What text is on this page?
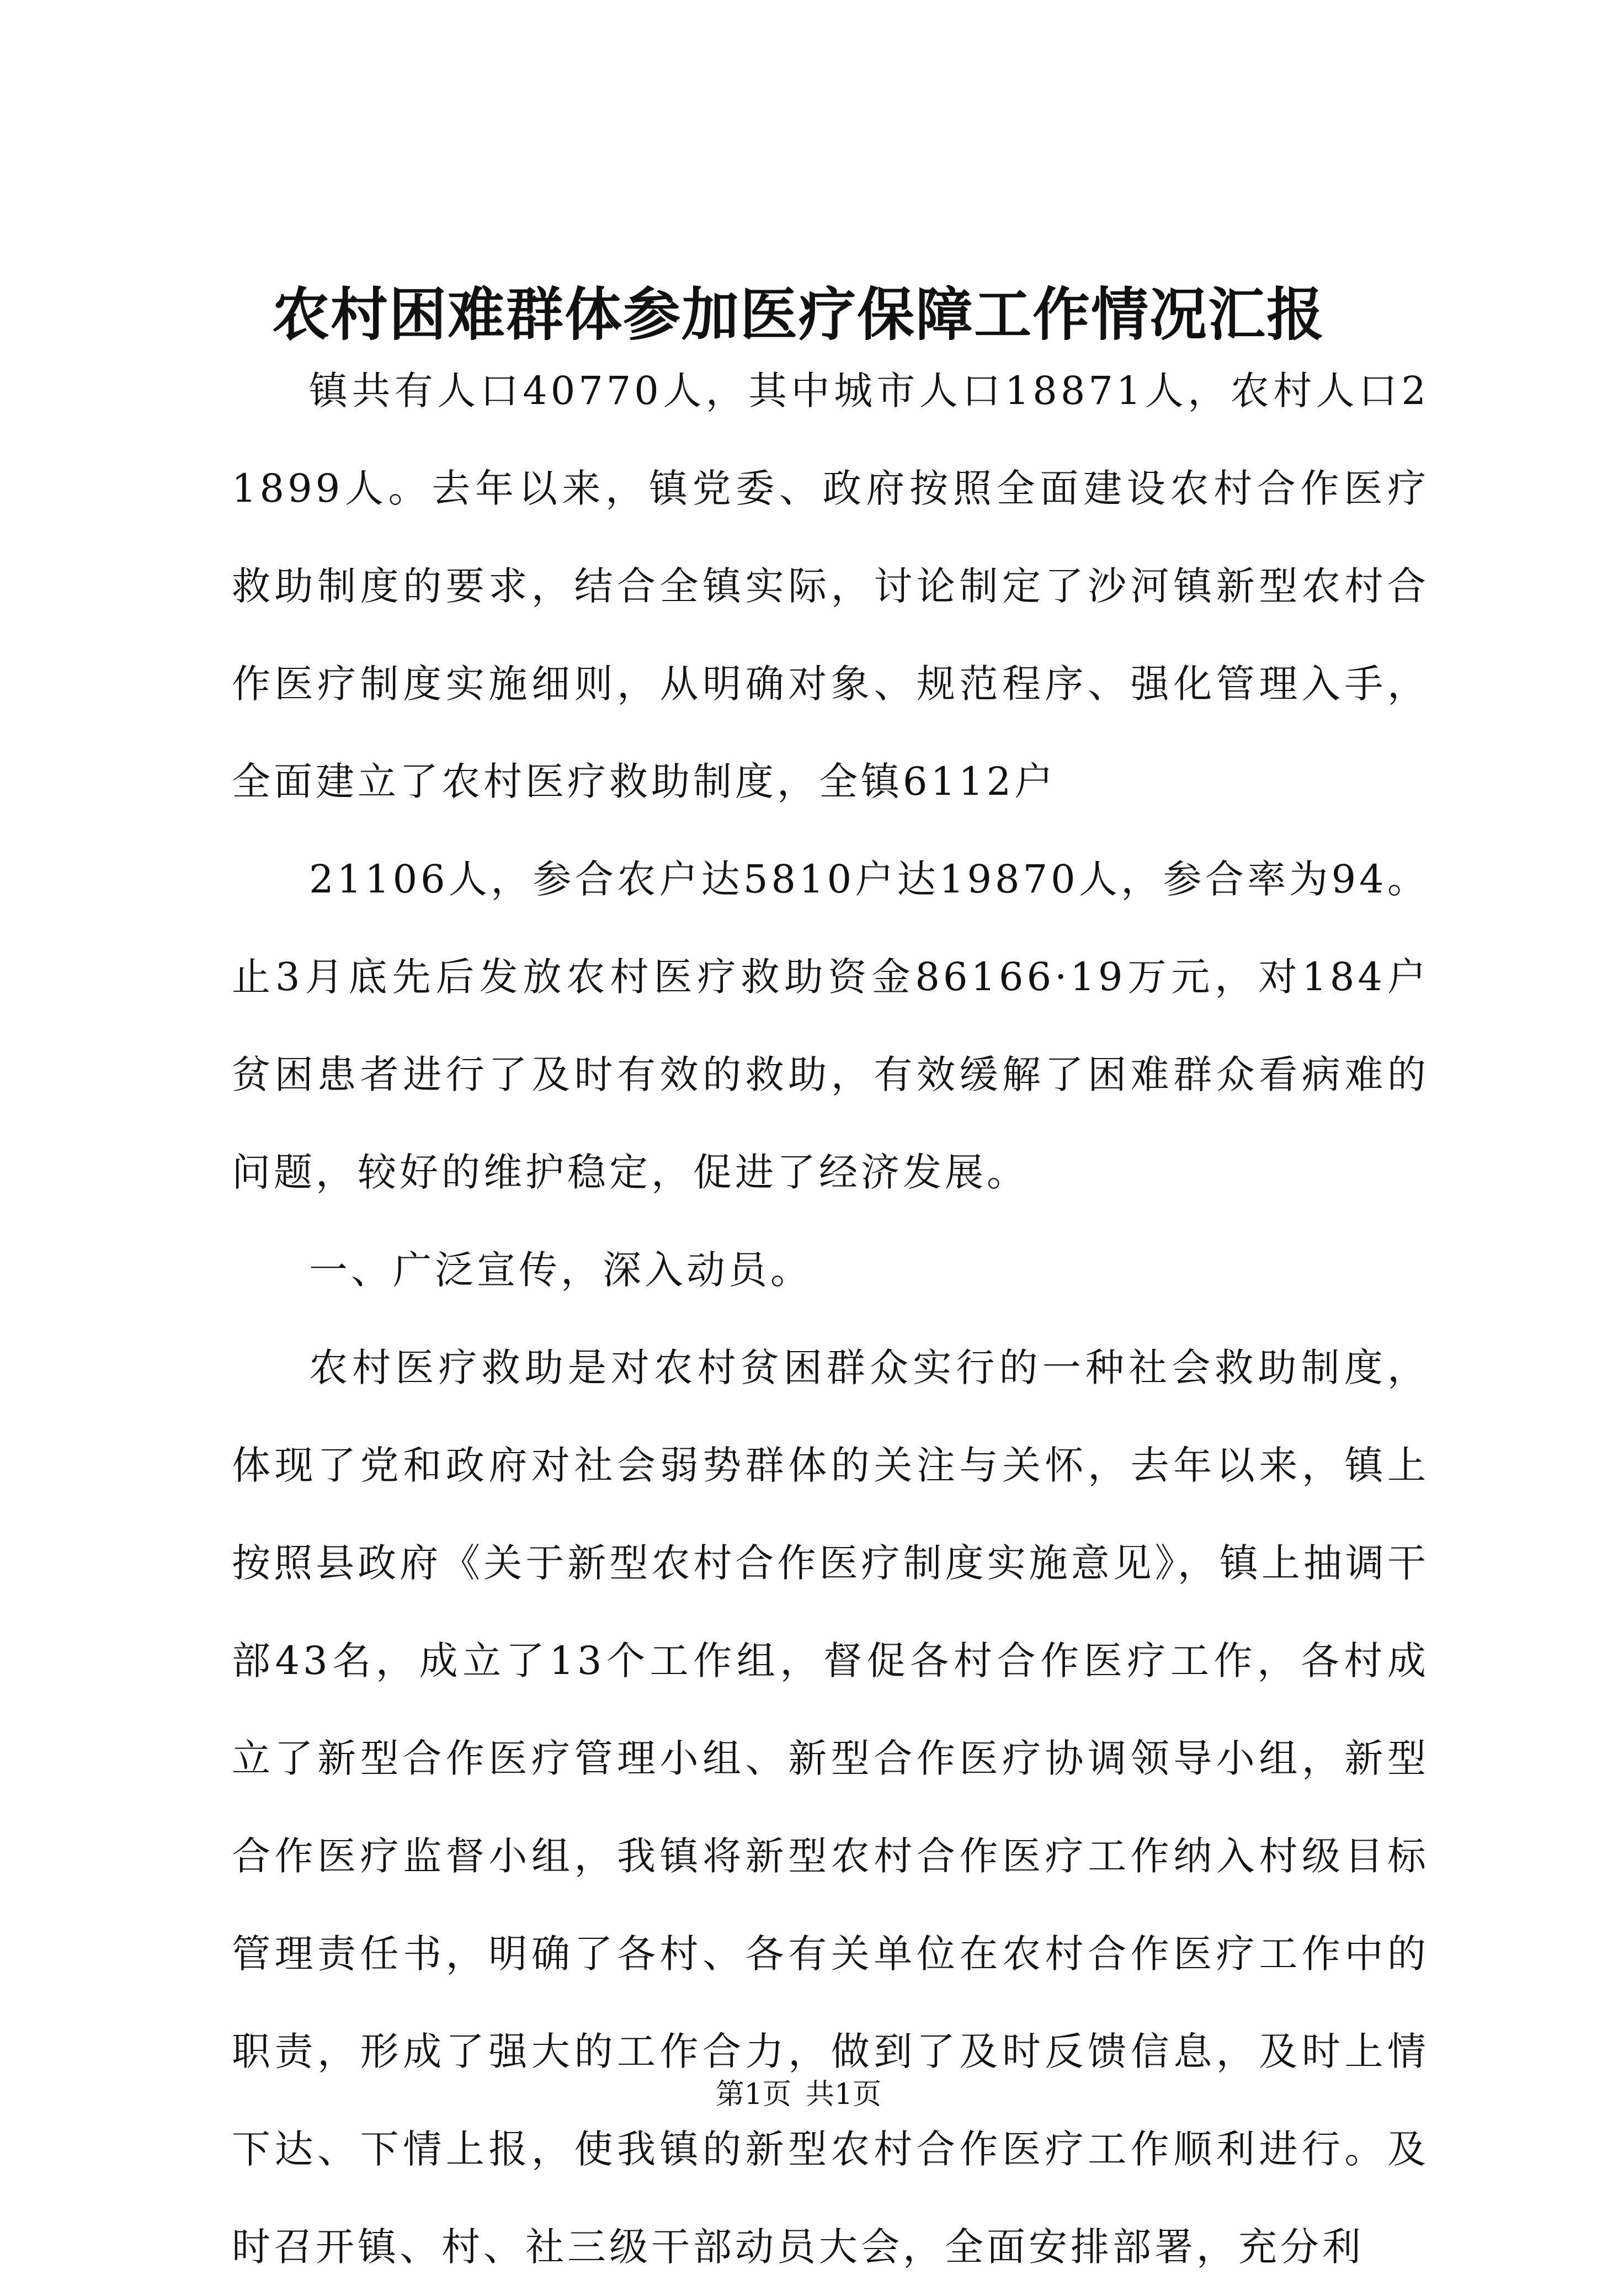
农村困难群体参加医疗保障工作情况汇报

镇共有人口40770人，其中城市人口18871人，农村人口21899人。去年以来，镇党委、政府按照全面建设农村合作医疗救助制度的要求，结合全镇实际，讨论制定了沙河镇新型农村合作医疗制度实施细则，从明确对象、规范程序、强化管理入手，全面建立了农村医疗救助制度，全镇6112户

21106人，参合农户达5810户达19870人，参合率为94。止3月底先后发放农村医疗救助资金86166·19万元，对184户贫困患者进行了及时有效的救助，有效缓解了困难群众看病难的问题，较好的维护稳定，促进了经济发展。

一、广泛宣传，深入动员。

农村医疗救助是对农村贫困群众实行的一种社会救助制度，体现了党和政府对社会弱势群体的关注与关怀，去年以来，镇上按照县政府《关于新型农村合作医疗制度实施意见》，镇上抽调干部43名，成立了13个工作组，督促各村合作医疗工作，各村成立了新型合作医疗管理小组、新型合作医疗协调领导小组，新型合作医疗监督小组，我镇将新型农村合作医疗工作纳入村级目标管理责任书，明确了各村、各有关单位在农村合作医疗工作中的职责，形成了强大的工作合力，做到了及时反馈信息，及时上情下达、下情上报，使我镇的新型农村合作医疗工作顺利进行。及时召开镇、村、社三级干部动员大会，全面安排部署，充分利

第1页 共1页
